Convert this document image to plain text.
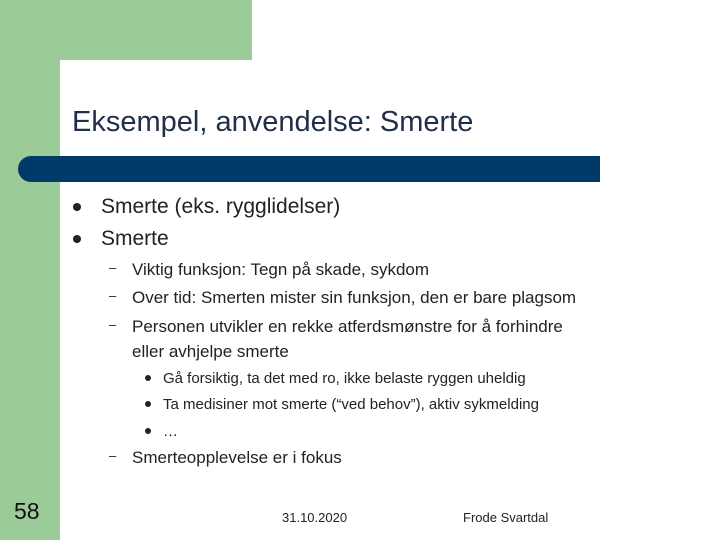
Eksempel, anvendelse: Smerte
Smerte (eks. rygglidelser)
Smerte
– Viktig funksjon: Tegn på skade, sykdom
– Over tid: Smerten mister sin funksjon, den er bare plagsom
– Personen utvikler en rekke atferdsmønstre for å forhindre
eller avhjelpe smerte
Gå forsiktig, ta det med ro, ikke belaste ryggen uheldig
Ta medisiner mot smerte (“ved behov”), aktiv sykmelding
…
– Smerteopplevelse er i fokus
58	31.10.2020	Frode Svartdal
